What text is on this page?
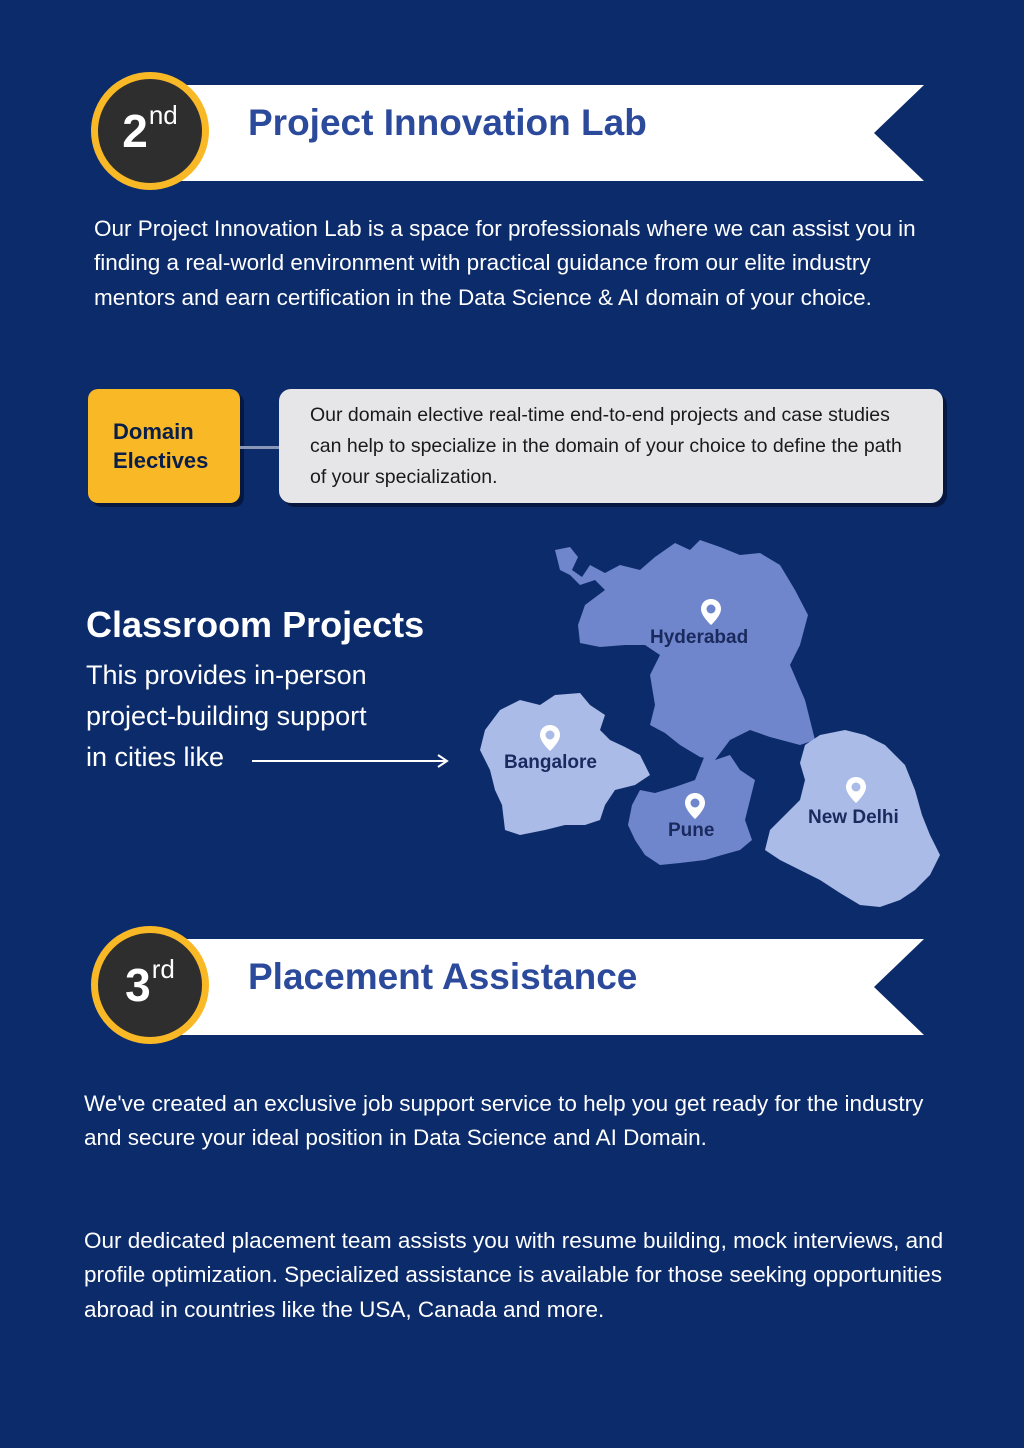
2 nd Project Innovation Lab
Our Project Innovation Lab is a space for professionals where we can assist you in finding a real-world environment with practical guidance from our elite industry mentors and earn certification in the Data Science & AI domain of your choice.
Domain
Electives
Our domain elective real-time end-to-end projects and case studies can help to specialize in the domain of your choice to define the path of your specialization.
Classroom Projects
This provides in-person
project-building support
in cities like
Hyderabad
Bangalore
Pune
New Delhi
3 rd Placement Assistance
We've created an exclusive job support service to help you get ready for the industry and secure your ideal position in Data Science and AI Domain.
Our dedicated placement team assists you with resume building, mock interviews, and profile optimization. Specialized assistance is available for those seeking opportunities abroad in countries like the USA, Canada and more.
